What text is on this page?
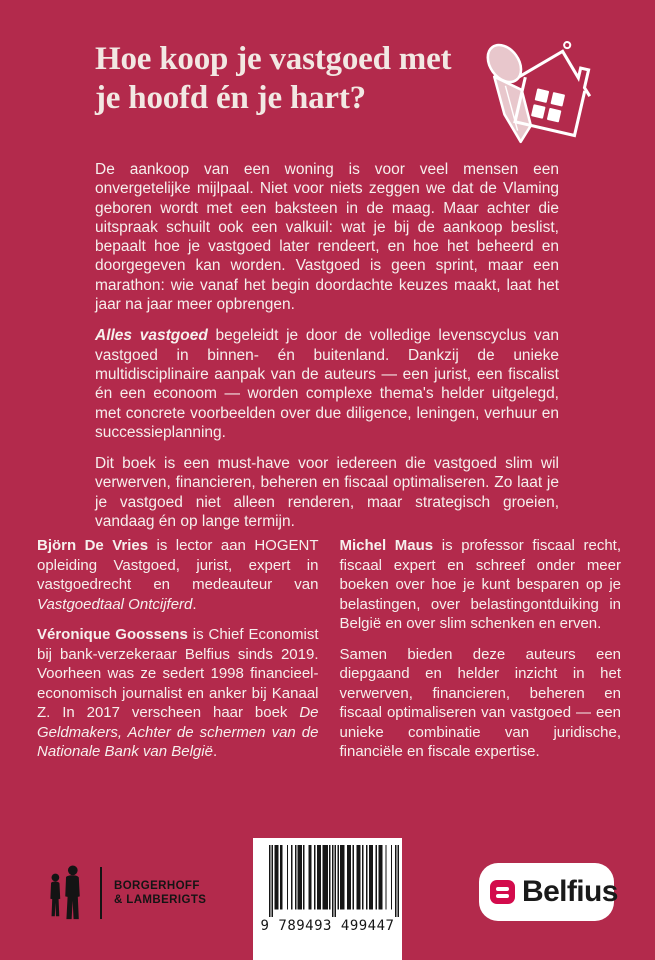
Hoe koop je vastgoed met
je hoofd én je hart?

De aankoop van een woning is voor veel mensen een onvergetelijke mijlpaal. Niet voor niets zeggen we dat de Vlaming geboren wordt met een baksteen in de maag. Maar achter die uitspraak schuilt ook een valkuil: wat je bij de aankoop beslist, bepaalt hoe je vastgoed later rendeert, en hoe het beheerd en doorgegeven kan worden. Vastgoed is geen sprint, maar een marathon: wie vanaf het begin doordachte keuzes maakt, laat het jaar na jaar meer opbrengen.

Alles vastgoed begeleidt je door de volledige levenscyclus van vastgoed in binnen- én buitenland. Dankzij de unieke multidisciplinaire aanpak van de auteurs — een jurist, een fiscalist én een econoom — worden complexe thema's helder uitgelegd, met concrete voorbeelden over due diligence, leningen, verhuur en successieplanning.

Dit boek is een must-have voor iedereen die vastgoed slim wil verwerven, financieren, beheren en fiscaal optimaliseren. Zo laat je je vastgoed niet alleen renderen, maar strategisch groeien, vandaag én op lange termijn.

Björn De Vries is lector aan HOGENT opleiding Vastgoed, jurist, expert in vastgoedrecht en medeauteur van Vastgoedtaal Ontcijferd.

Véronique Goossens is Chief Economist bij bank-verzekeraar Belfius sinds 2019. Voorheen was ze sedert 1998 financieel-economisch journalist en anker bij Kanaal Z. In 2017 verscheen haar boek De Geldmakers, Achter de schermen van de Nationale Bank van België.

Michel Maus is professor fiscaal recht, fiscaal expert en schreef onder meer boeken over hoe je kunt besparen op je belastingen, over belastingontduiking in België en over slim schenken en erven.

Samen bieden deze auteurs een diepgaand en helder inzicht in het verwerven, financieren, beheren en fiscaal optimaliseren van vastgoed — een unieke combinatie van juridische, financiële en fiscale expertise.

BORGERHOFF
& LAMBERIGTS
9 789493 499447
Belfius
